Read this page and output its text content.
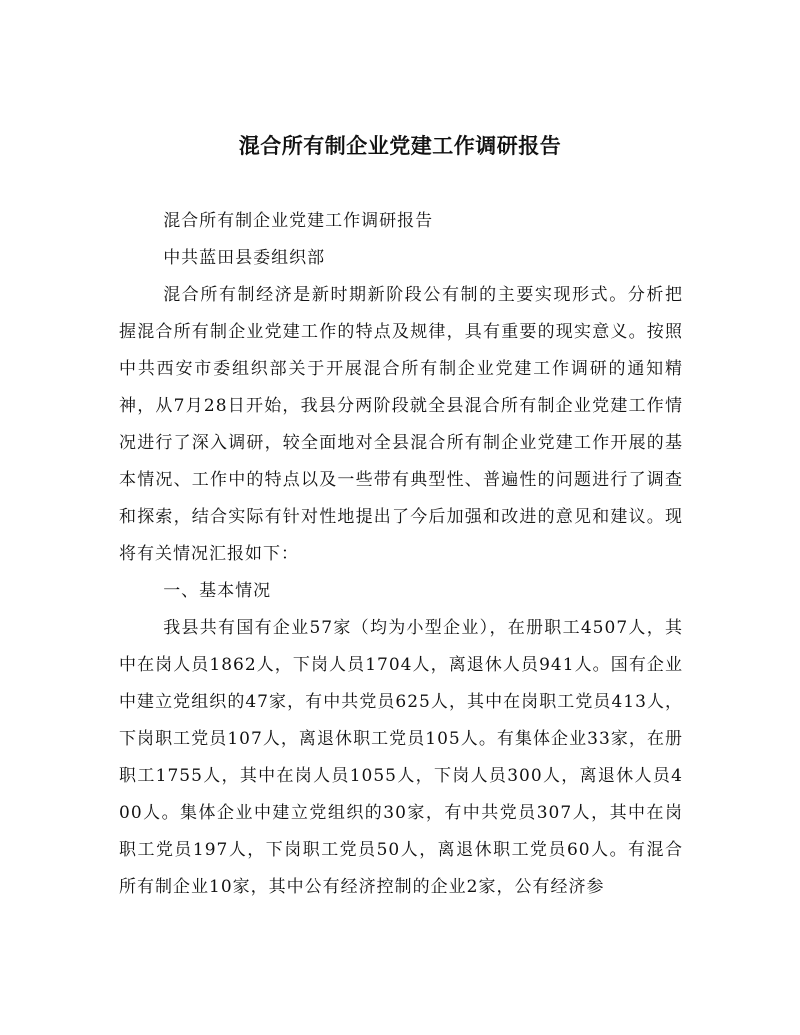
混合所有制企业党建工作调研报告

混合所有制企业党建工作调研报告

中共蓝田县委组织部

混合所有制经济是新时期新阶段公有制的主要实现形式。分析把握混合所有制企业党建工作的特点及规律，具有重要的现实意义。按照中共西安市委组织部关于开展混合所有制企业党建工作调研的通知精神，从7月28日开始，我县分两阶段就全县混合所有制企业党建工作情况进行了深入调研，较全面地对全县混合所有制企业党建工作开展的基本情况、工作中的特点以及一些带有典型性、普遍性的问题进行了调查和探索，结合实际有针对性地提出了今后加强和改进的意见和建议。现将有关情况汇报如下：

一、基本情况

我县共有国有企业57家（均为小型企业），在册职工4507人，其中在岗人员1862人，下岗人员1704人，离退休人员941人。国有企业中建立党组织的47家，有中共党员625人，其中在岗职工党员413人，下岗职工党员107人，离退休职工党员105人。有集体企业33家，在册职工1755人，其中在岗人员1055人，下岗人员300人，离退休人员400人。集体企业中建立党组织的30家，有中共党员307人，其中在岗职工党员197人，下岗职工党员50人，离退休职工党员60人。有混合所有制企业10家，其中公有经济控制的企业2家，公有经济参
